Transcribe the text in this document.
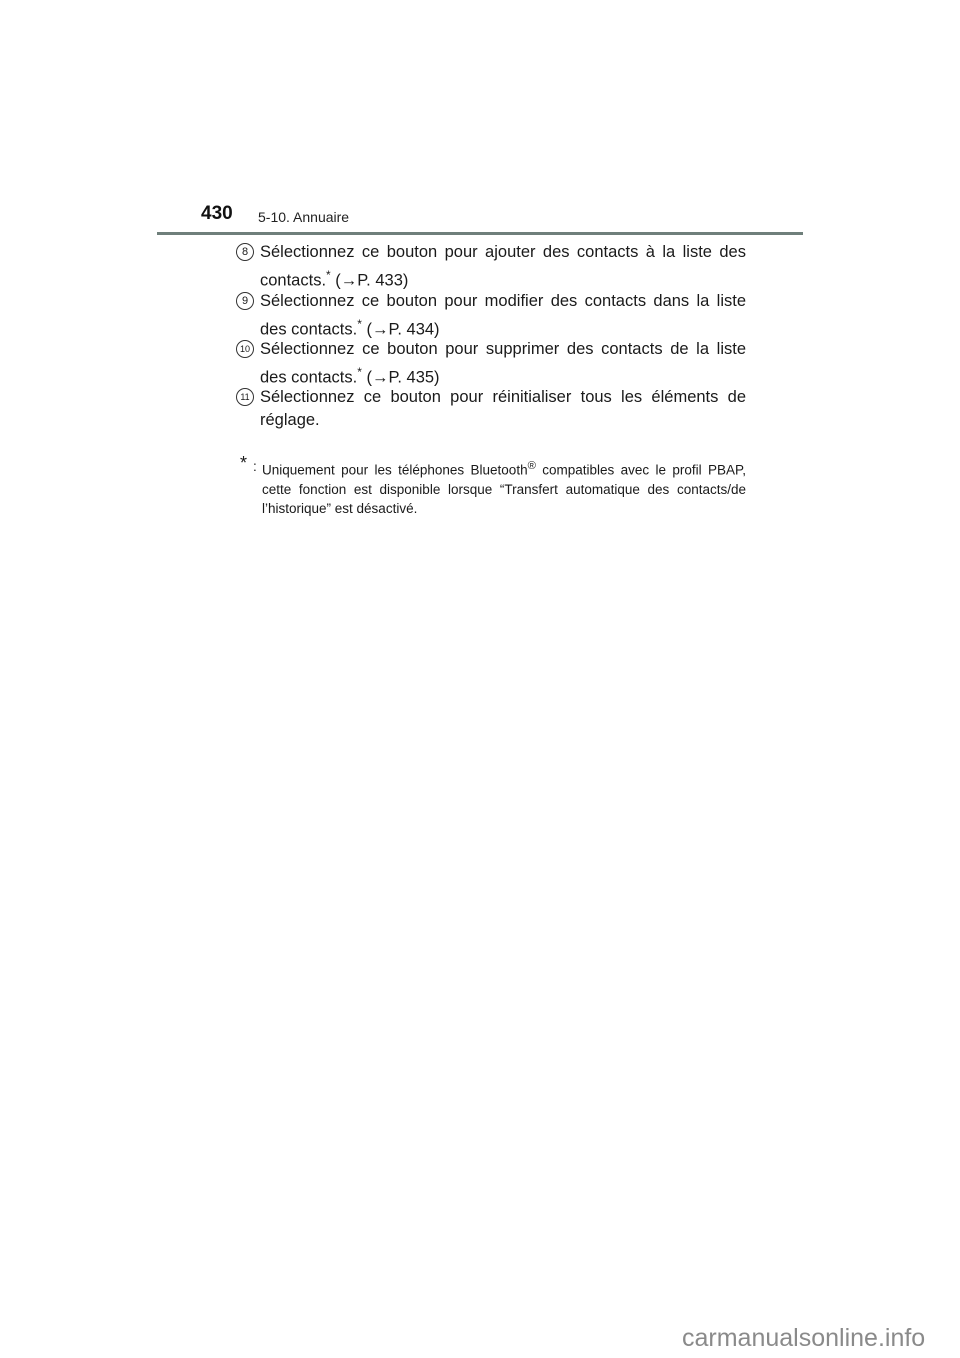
430 5-10. Annuaire
8 Sélectionnez ce bouton pour ajouter des contacts à la liste des contacts.* (→P. 433)
9 Sélectionnez ce bouton pour modifier des contacts dans la liste des contacts.* (→P. 434)
10 Sélectionnez ce bouton pour supprimer des contacts de la liste des contacts.* (→P. 435)
11 Sélectionnez ce bouton pour réinitialiser tous les éléments de réglage.
* : Uniquement pour les téléphones Bluetooth® compatibles avec le profil PBAP, cette fonction est disponible lorsque “Transfert automatique des contacts/de l’historique” est désactivé.
carmanualsonline.info
